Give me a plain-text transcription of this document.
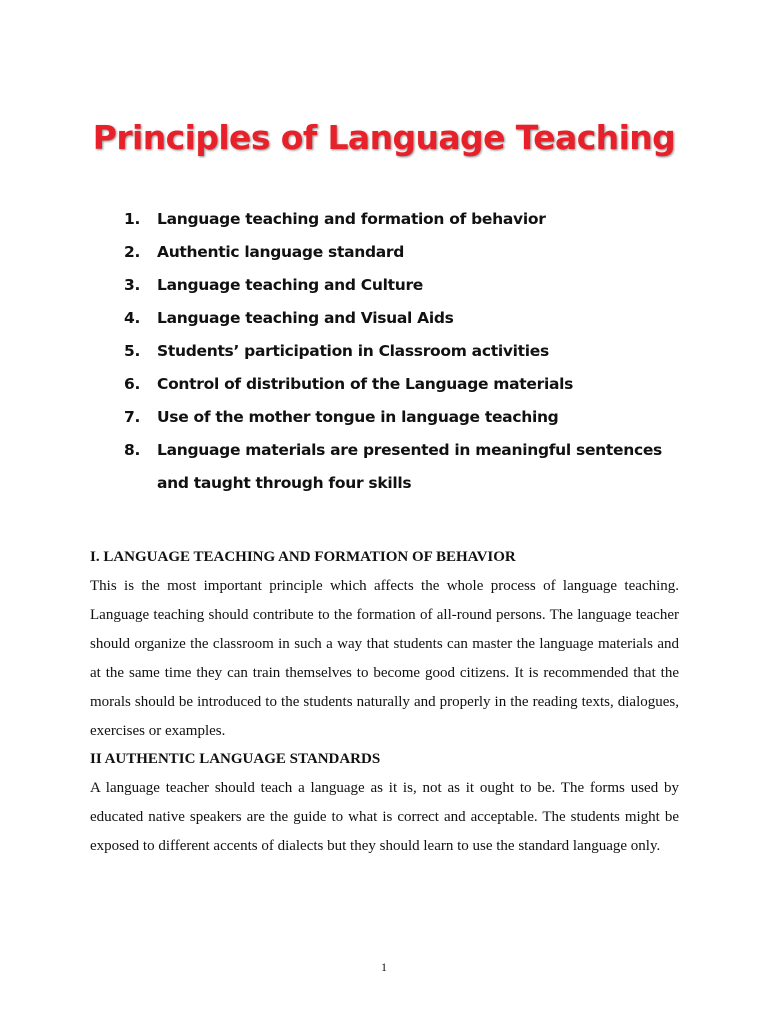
Principles of Language Teaching
1.	Language teaching and formation of behavior
2.	Authentic language standard
3.	Language teaching and Culture
4.	Language teaching and Visual Aids
5.	Students’ participation in Classroom activities
6.	Control of distribution of the Language materials
7.	Use of the mother tongue in language teaching
8.	Language materials are presented in meaningful sentences and taught through four skills
I. LANGUAGE TEACHING AND FORMATION OF BEHAVIOR

This is the most important principle which affects the whole process of language teaching. Language teaching should contribute to the formation of all-round persons. The language teacher should organize the classroom in such a way that students can master the language materials and at the same time they can train themselves to become good citizens. It is recommended that the morals should be introduced to the students naturally and properly in the reading texts, dialogues, exercises or examples.

II AUTHENTIC LANGUAGE STANDARDS

A language teacher should teach a language as it is, not as it ought to be. The forms used by educated native speakers are the guide to what is correct and acceptable. The students might be exposed to different accents of dialects but they should learn to use the standard language only.

1
